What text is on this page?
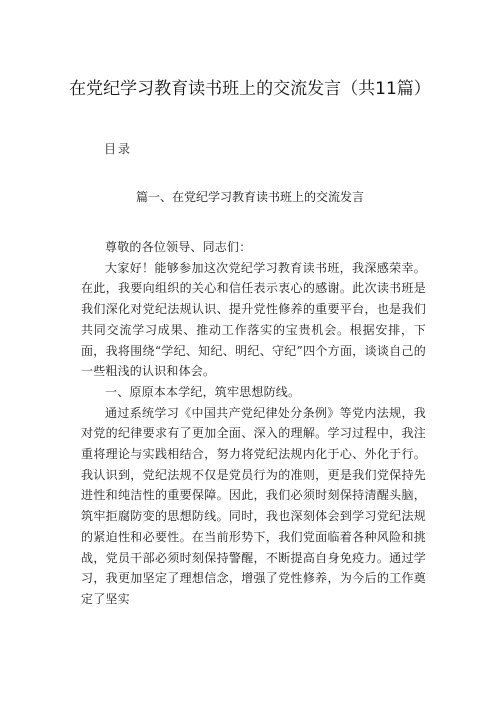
在党纪学习教育读书班上的交流发言（共11篇）
目录
篇一、在党纪学习教育读书班上的交流发言

尊敬的各位领导、同志们：

大家好！能够参加这次党纪学习教育读书班，我深感荣幸。在此，我要向组织的关心和信任表示衷心的感谢。此次读书班是我们深化对党纪法规认识、提升党性修养的重要平台，也是我们共同交流学习成果、推动工作落实的宝贵机会。根据安排，下面，我将围绕“学纪、知纪、明纪、守纪”四个方面，谈谈自己的一些粗浅的认识和体会。

一、原原本本学纪，筑牢思想防线。

通过系统学习《中国共产党纪律处分条例》等党内法规，我对党的纪律要求有了更加全面、深入的理解。学习过程中，我注重将理论与实践相结合，努力将党纪法规内化于心、外化于行。我认识到，党纪法规不仅是党员行为的准则，更是我们党保持先进性和纯洁性的重要保障。因此，我们必须时刻保持清醒头脑，筑牢拒腐防变的思想防线。同时，我也深刻体会到学习党纪法规的紧迫性和必要性。在当前形势下，我们党面临着各种风险和挑战，党员干部必须时刻保持警醒，不断提高自身免疫力。通过学习，我更加坚定了理想信念，增强了党性修养，为今后的工作奠定了坚实
